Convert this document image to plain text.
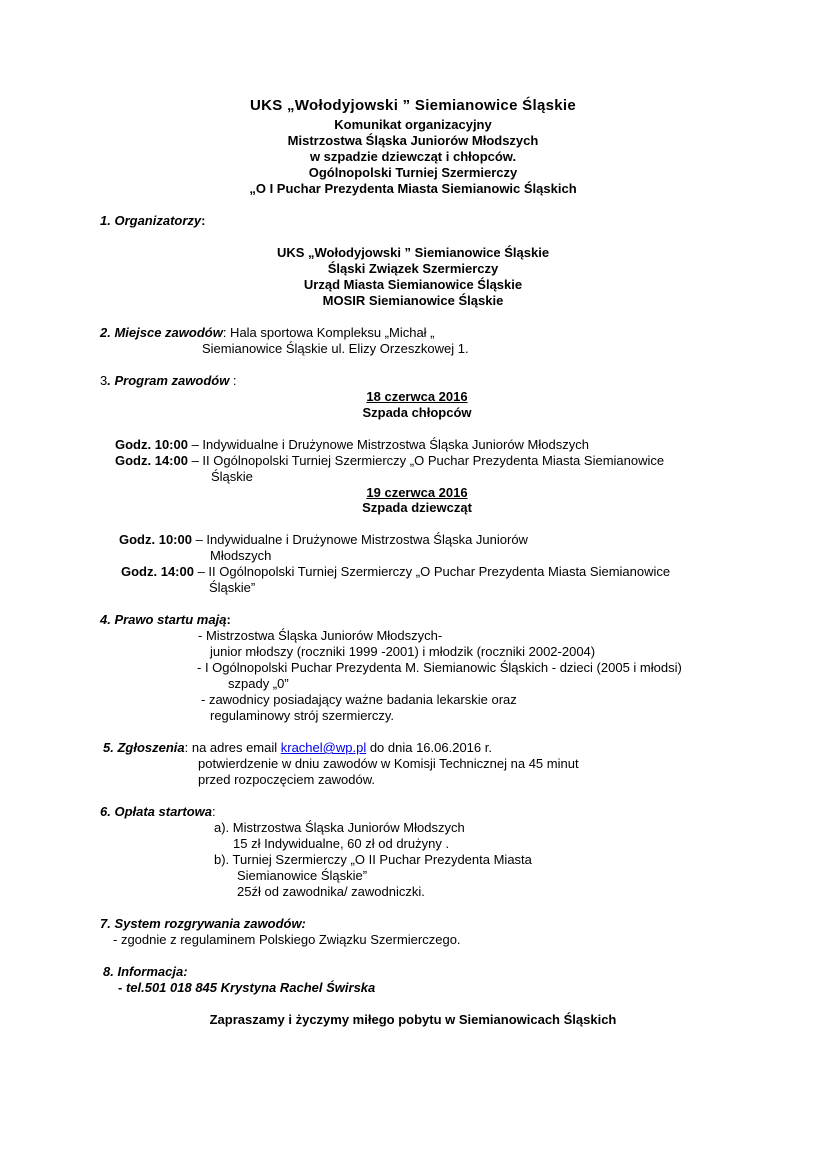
UKS „Wołodyjowski ” Siemianowice Śląskie
Komunikat organizacyjny
Mistrzostwa Śląska Juniorów Młodszych
w szpadzie dziewcząt i chłopców.
Ogólnopolski Turniej Szermierczy
„O I Puchar Prezydenta Miasta Siemianowic Śląskich
1. Organizatorzy:
UKS „Wołodyjowski ” Siemianowice Śląskie
Śląski Związek Szermierczy
Urząd Miasta Siemianowice Śląskie
MOSIR Siemianowice Śląskie
2. Miejsce zawodów: Hala sportowa Kompleksu „Michał „
Siemianowice Śląskie ul. Elizy Orzeszkowej 1.
3. Program zawodów :
18 czerwca 2016
Szpada chłopców
Godz. 10:00 – Indywidualne i Drużynowe Mistrzostwa Śląska Juniorów Młodszych
Godz. 14:00 – II Ogólnopolski Turniej Szermierczy „O Puchar Prezydenta Miasta Siemianowice
Śląskie
19 czerwca 2016
Szpada dziewcząt
Godz. 10:00 – Indywidualne i Drużynowe Mistrzostwa Śląska Juniorów
Młodszych
Godz. 14:00 – II Ogólnopolski Turniej Szermierczy „O Puchar Prezydenta Miasta Siemianowice
Śląskie”
4. Prawo startu mają:
- Mistrzostwa Śląska Juniorów Młodszych-
junior młodszy (roczniki 1999 -2001) i młodzik (roczniki 2002-2004)
- I Ogólnopolski Puchar Prezydenta M. Siemianowic Śląskich - dzieci (2005 i młodsi)
szpady „0”
- zawodnicy posiadający ważne badania lekarskie oraz
regulaminowy strój szermierczy.
5. Zgłoszenia: na adres email krachel@wp.pl do dnia 16.06.2016 r.
potwierdzenie w dniu zawodów w Komisji Technicznej na 45 minut
przed rozpoczęciem zawodów.
6. Opłata startowa:
a). Mistrzostwa Śląska Juniorów Młodszych
15 zł Indywidualne, 60 zł od drużyny .
b). Turniej Szermierczy „O II Puchar Prezydenta Miasta
Siemianowice Śląskie”
25źł od zawodnika/ zawodniczki.
7. System rozgrywania zawodów:
- zgodnie z regulaminem Polskiego Związku Szermierczego.
8. Informacja:
- tel.501 018 845 Krystyna Rachel Świrska
Zapraszamy i życzymy miłego pobytu w Siemianowicach Śląskich
